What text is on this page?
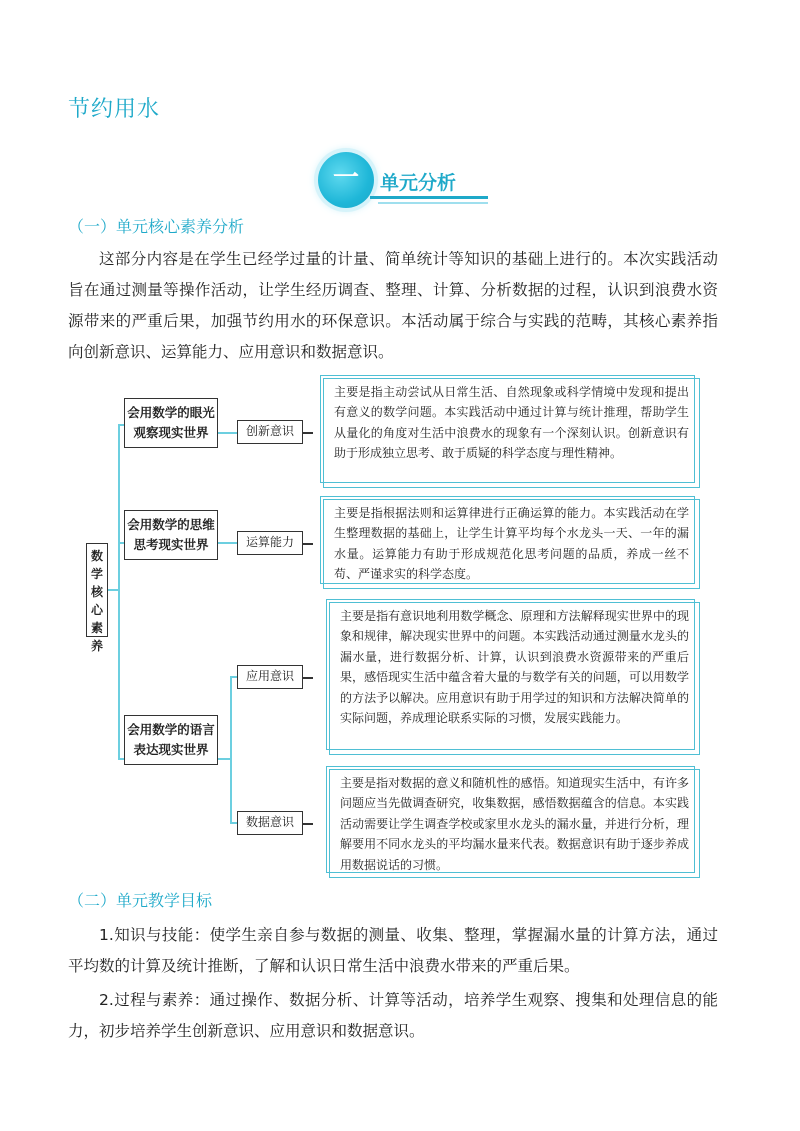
节约用水
一	单元分析
（一）单元核心素养分析

这部分内容是在学生已经学过量的计量、简单统计等知识的基础上进行的。本次实践活动旨在通过测量等操作活动，让学生经历调查、整理、计算、分析数据的过程，认识到浪费水资源带来的严重后果，加强节约用水的环保意识。本活动属于综合与实践的范畴，其核心素养指向创新意识、运算能力、应用意识和数据意识。

数学核心素养
会用数学的眼光观察现实世界
会用数学的思维思考现实世界
会用数学的语言表达现实世界
创新意识
运算能力
应用意识
数据意识
主要是指主动尝试从日常生活、自然现象或科学情境中发现和提出有意义的数学问题。本实践活动中通过计算与统计推理，帮助学生从量化的角度对生活中浪费水的现象有一个深刻认识。创新意识有助于形成独立思考、敢于质疑的科学态度与理性精神。
主要是指根据法则和运算律进行正确运算的能力。本实践活动在学生整理数据的基础上，让学生计算平均每个水龙头一天、一年的漏水量。运算能力有助于形成规范化思考问题的品质，养成一丝不苟、严谨求实的科学态度。
主要是指有意识地利用数学概念、原理和方法解释现实世界中的现象和规律，解决现实世界中的问题。本实践活动通过测量水龙头的漏水量，进行数据分析、计算，认识到浪费水资源带来的严重后果，感悟现实生活中蕴含着大量的与数学有关的问题，可以用数学的方法予以解决。应用意识有助于用学过的知识和方法解决简单的实际问题，养成理论联系实际的习惯，发展实践能力。
主要是指对数据的意义和随机性的感悟。知道现实生活中，有许多问题应当先做调查研究，收集数据，感悟数据蕴含的信息。本实践活动需要让学生调查学校或家里水龙头的漏水量，并进行分析，理解要用不同水龙头的平均漏水量来代表。数据意识有助于逐步养成用数据说话的习惯。
（二）单元教学目标

1.知识与技能：使学生亲自参与数据的测量、收集、整理，掌握漏水量的计算方法，通过平均数的计算及统计推断，了解和认识日常生活中浪费水带来的严重后果。

2.过程与素养：通过操作、数据分析、计算等活动，培养学生观察、搜集和处理信息的能力，初步培养学生创新意识、应用意识和数据意识。
